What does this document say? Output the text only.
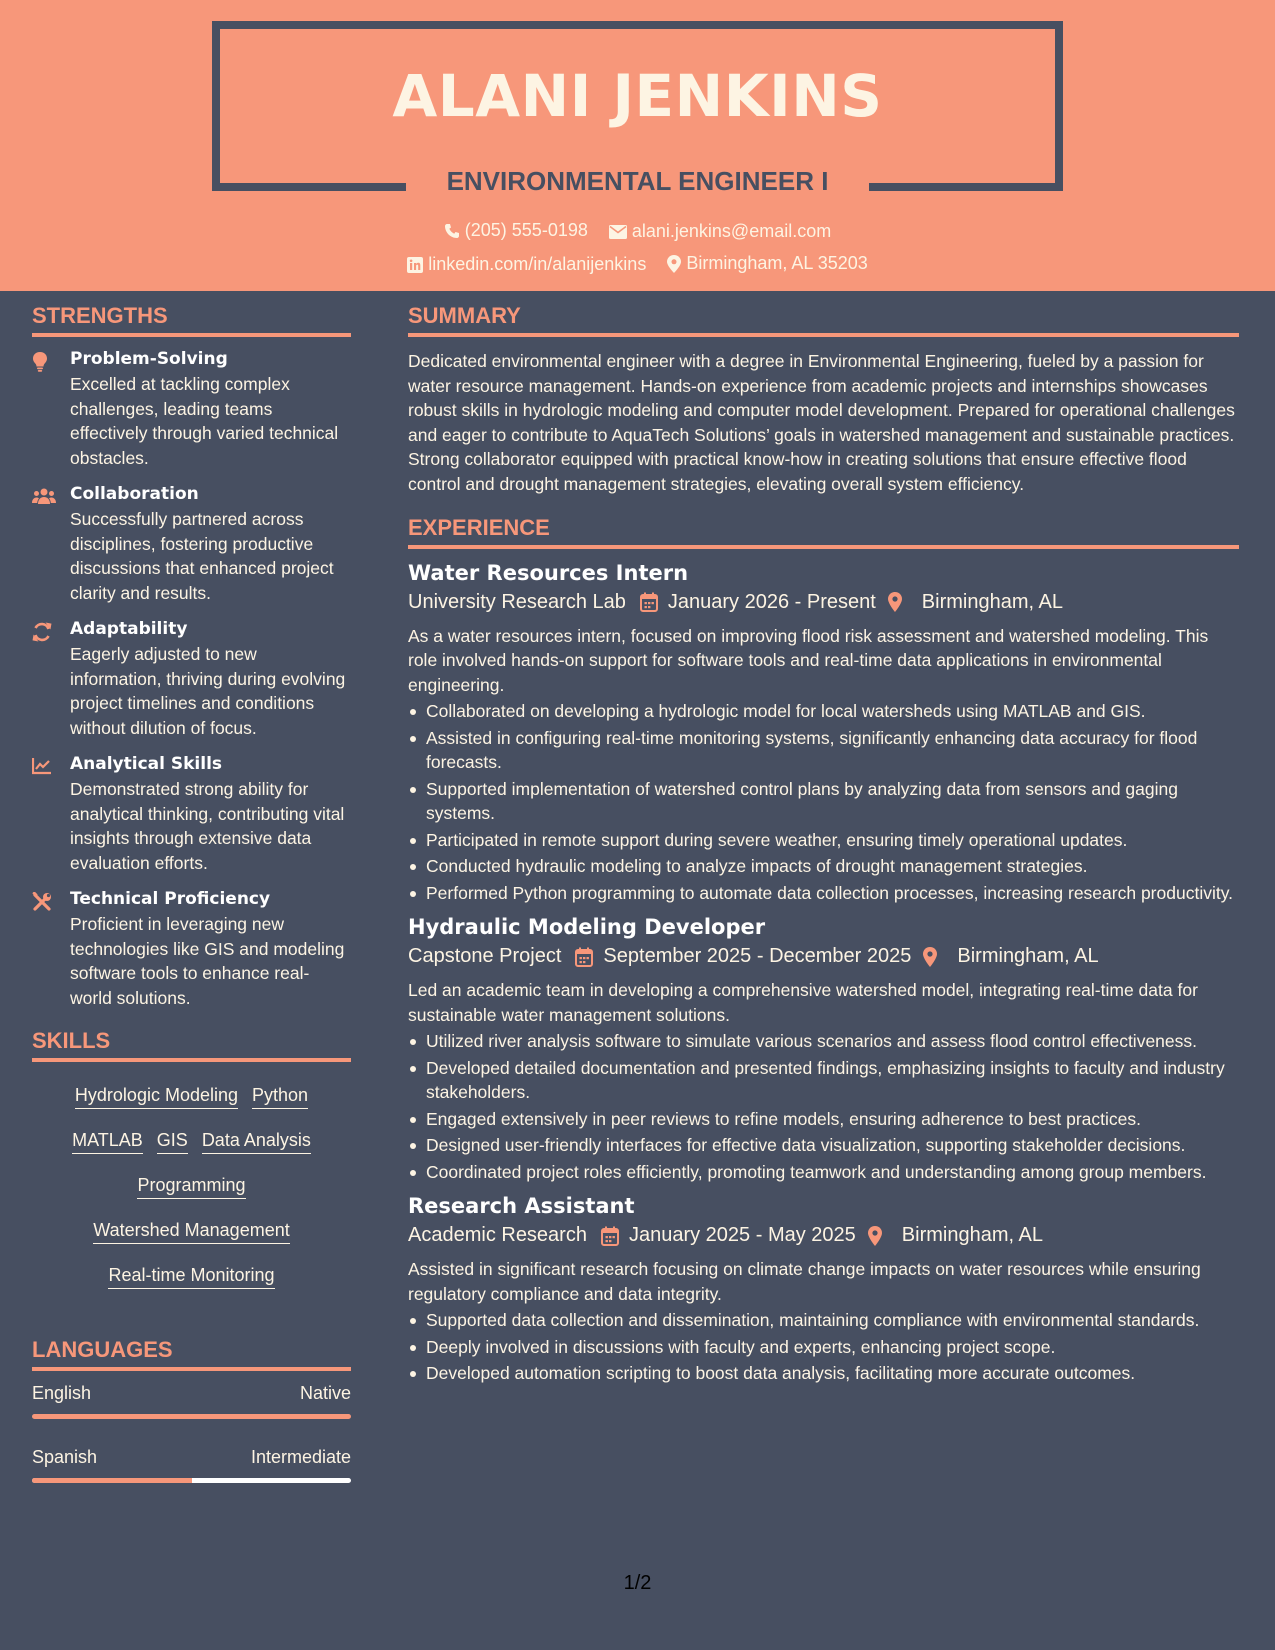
ALANI JENKINS
ENVIRONMENTAL ENGINEER I
(205) 555-0198
alani.jenkins@email.com
linkedin.com/in/alanijenkins
Birmingham, AL 35203
STRENGTHS
Problem-Solving
Excelled at tackling complex challenges, leading teams effectively through varied technical obstacles.
Collaboration
Successfully partnered across disciplines, fostering productive discussions that enhanced project clarity and results.
Adaptability
Eagerly adjusted to new information, thriving during evolving project timelines and conditions without dilution of focus.
Analytical Skills
Demonstrated strong ability for analytical thinking, contributing vital insights through extensive data evaluation efforts.
Technical Proficiency
Proficient in leveraging new technologies like GIS and modeling software tools to enhance real-world solutions.
SKILLS
Hydrologic Modeling Python
MATLAB GIS Data Analysis
Programming
Watershed Management
Real-time Monitoring
LANGUAGES
English	Native
Spanish	Intermediate
SUMMARY
Dedicated environmental engineer with a degree in Environmental Engineering, fueled by a passion for water resource management. Hands-on experience from academic projects and internships showcases robust skills in hydrologic modeling and computer model development. Prepared for operational challenges and eager to contribute to AquaTech Solutions’ goals in watershed management and sustainable practices. Strong collaborator equipped with practical know-how in creating solutions that ensure effective flood control and drought management strategies, elevating overall system efficiency.
EXPERIENCE
Water Resources Intern
University Research Lab January 2026 - Present Birmingham, AL
As a water resources intern, focused on improving flood risk assessment and watershed modeling. This role involved hands-on support for software tools and real-time data applications in environmental engineering.
Collaborated on developing a hydrologic model for local watersheds using MATLAB and GIS.
Assisted in configuring real-time monitoring systems, significantly enhancing data accuracy for flood forecasts.
Supported implementation of watershed control plans by analyzing data from sensors and gaging systems.
Participated in remote support during severe weather, ensuring timely operational updates.
Conducted hydraulic modeling to analyze impacts of drought management strategies.
Performed Python programming to automate data collection processes, increasing research productivity.
Hydraulic Modeling Developer
Capstone Project September 2025 - December 2025 Birmingham, AL
Led an academic team in developing a comprehensive watershed model, integrating real-time data for sustainable water management solutions.
Utilized river analysis software to simulate various scenarios and assess flood control effectiveness.
Developed detailed documentation and presented findings, emphasizing insights to faculty and industry stakeholders.
Engaged extensively in peer reviews to refine models, ensuring adherence to best practices.
Designed user-friendly interfaces for effective data visualization, supporting stakeholder decisions.
Coordinated project roles efficiently, promoting teamwork and understanding among group members.
Research Assistant
Academic Research January 2025 - May 2025 Birmingham, AL
Assisted in significant research focusing on climate change impacts on water resources while ensuring regulatory compliance and data integrity.
Supported data collection and dissemination, maintaining compliance with environmental standards.
Deeply involved in discussions with faculty and experts, enhancing project scope.
Developed automation scripting to boost data analysis, facilitating more accurate outcomes.
1/2
